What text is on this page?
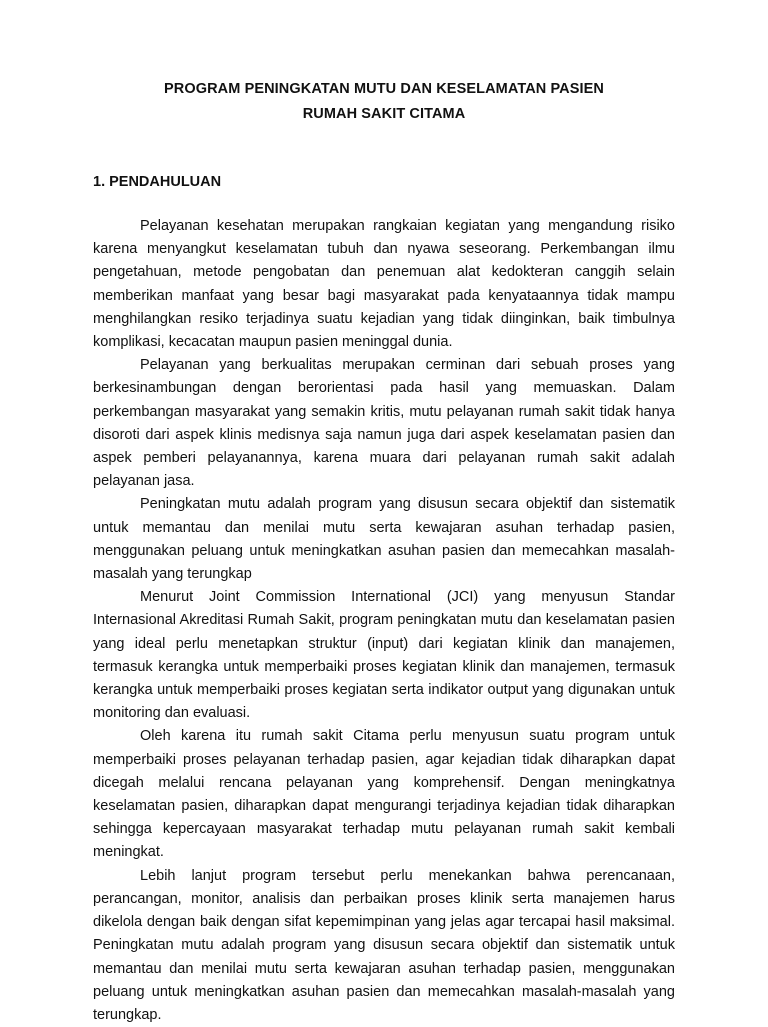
PROGRAM PENINGKATAN MUTU DAN KESELAMATAN PASIEN
RUMAH SAKIT CITAMA
1. PENDAHULUAN

Pelayanan kesehatan merupakan rangkaian kegiatan yang mengandung risiko karena menyangkut keselamatan tubuh dan nyawa seseorang. Perkembangan ilmu pengetahuan, metode pengobatan dan penemuan alat kedokteran canggih selain memberikan manfaat yang besar bagi masyarakat pada kenyataannya tidak mampu menghilangkan resiko terjadinya suatu kejadian yang tidak diinginkan, baik timbulnya komplikasi, kecacatan maupun pasien meninggal dunia.

Pelayanan yang berkualitas merupakan cerminan dari sebuah proses yang berkesinambungan dengan berorientasi pada hasil yang memuaskan. Dalam perkembangan masyarakat yang semakin kritis, mutu pelayanan rumah sakit tidak hanya disoroti dari aspek klinis medisnya saja namun juga dari aspek keselamatan pasien dan aspek pemberi pelayanannya, karena muara dari pelayanan rumah sakit adalah pelayanan jasa.

Peningkatan mutu adalah program yang disusun secara objektif dan sistematik untuk memantau dan menilai mutu serta kewajaran asuhan terhadap pasien, menggunakan peluang untuk meningkatkan asuhan pasien dan memecahkan masalah-masalah yang terungkap

Menurut Joint Commission International (JCI) yang menyusun Standar Internasional Akreditasi Rumah Sakit, program peningkatan mutu dan keselamatan pasien yang ideal perlu menetapkan struktur (input) dari kegiatan klinik dan manajemen, termasuk kerangka untuk memperbaiki proses kegiatan klinik dan manajemen, termasuk kerangka untuk memperbaiki proses kegiatan serta indikator output yang digunakan untuk monitoring dan evaluasi.

Oleh karena itu rumah sakit Citama perlu menyusun suatu program untuk memperbaiki proses pelayanan terhadap pasien, agar kejadian tidak diharapkan dapat dicegah melalui rencana pelayanan yang komprehensif. Dengan meningkatnya keselamatan pasien, diharapkan dapat mengurangi terjadinya kejadian tidak diharapkan sehingga kepercayaan masyarakat terhadap mutu pelayanan rumah sakit kembali meningkat.

Lebih lanjut program tersebut perlu menekankan bahwa perencanaan, perancangan, monitor, analisis dan perbaikan proses klinik serta manajemen harus dikelola dengan baik dengan sifat kepemimpinan yang jelas agar tercapai hasil maksimal. Peningkatan mutu adalah program yang disusun secara objektif dan sistematik untuk memantau dan menilai mutu serta kewajaran asuhan terhadap pasien, menggunakan peluang untuk meningkatkan asuhan pasien dan memecahkan masalah-masalah yang terungkap.
